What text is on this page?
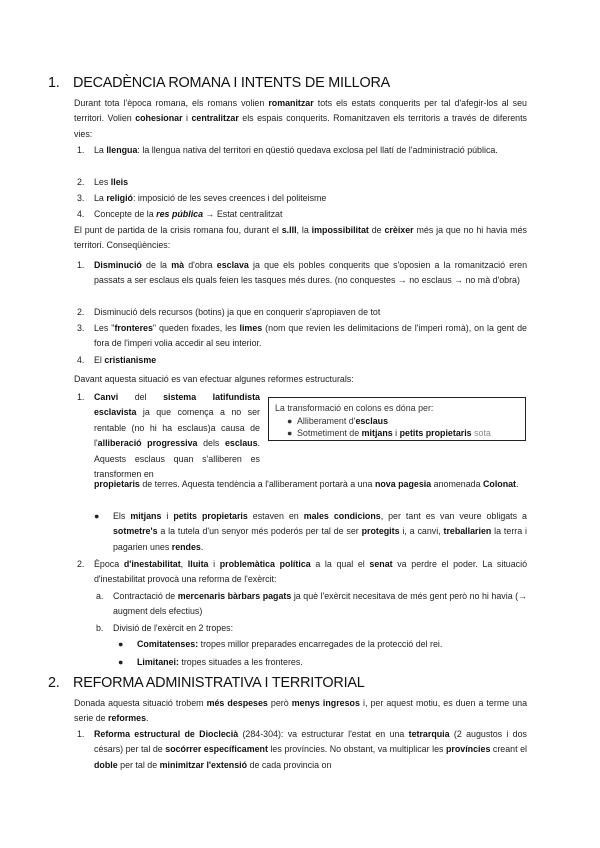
1. DECADÈNCIA ROMANA I INTENTS DE MILLORA
Durant tota l'època romana, els romans volien romanitzar tots els estats conquerits per tal d'afegir-los al seu territori. Volien cohesionar i centralitzar els espais conquerits. Romanitzaven els territoris a través de diferents vies:
1. La llengua: la llengua nativa del territori en qüestió quedava exclosa pel llatí de l'administració pública.
2. Les lleis
3. La religió: imposició de les seves creences i del politeisme
4. Concepte de la res pública → Estat centralitzat
El punt de partida de la crisis romana fou, durant el s.III, la impossibilitat de crèixer més ja que no hi havia més territori. Conseqüències:
1. Disminució de la mà d'obra esclava ja que els pobles conquerits que s'oposien a la romanització eren passats a ser esclaus els quals feien les tasques més dures. (no conquestes → no esclaus → no mà d'obra)
2. Disminució dels recursos (botins) ja que en conquerir s'apropiaven de tot
3. Les "fronteres" queden fixades, les limes (nom que revien les delimitacions de l'imperi romà), on la gent de fora de l'imperi volia accedir al seu interior.
4. El cristianisme
Davant aquesta situació es van efectuar algunes reformes estructurals:
1. Canvi del sistema latifundista esclavista ja que comença a no ser rentable (no hi ha esclaus)a causa de l'alliberació progressiva dels esclaus. Aquests esclaus quan s'alliberen es transformen en
propietaris de terres. Aquesta tendència a l'alliberament portarà a una nova pagesia anomenada Colonat.
La transformació en colons es dóna per:
● Alliberament d'esclaus
● Sotmetiment de mitjans i petits propietaris sota
● Els mitjans i petits propietaris estaven en males condicions, per tant es van veure obligats a sotmetre's a la tutela d'un senyor més poderós per tal de ser protegits i, a canvi, treballarien la terra i pagarien unes rendes.
2. Època d'inestabilitat, lluita i problemàtica política a la qual el senat va perdre el poder. La situació d'inestabilitat provocà una reforma de l'exèrcit:
a. Contractació de mercenaris bàrbars pagats ja què l'exèrcit necesitava de més gent però no hi havia (→ augment dels efectius)
b. Divisió de l'exèrcit en 2 tropes:
● Comitatenses: tropes millor preparades encarregades de la protecció del rei.
● Limitanei: tropes situades a les fronteres.
2. REFORMA ADMINISTRATIVA I TERRITORIAL
Donada aquesta situació trobem més despeses però menys ingresos i, per aquest motiu, es duen a terme una serie de reformes.
1. Reforma estructural de Dioclecià (284-304): va estructurar l'estat en una tetrarquia (2 augustos i dos césars) per tal de socórrer específicament les províncies. No obstant, va multiplicar les províncies creant el doble per tal de minimitzar l'extensió de cada provincia on
